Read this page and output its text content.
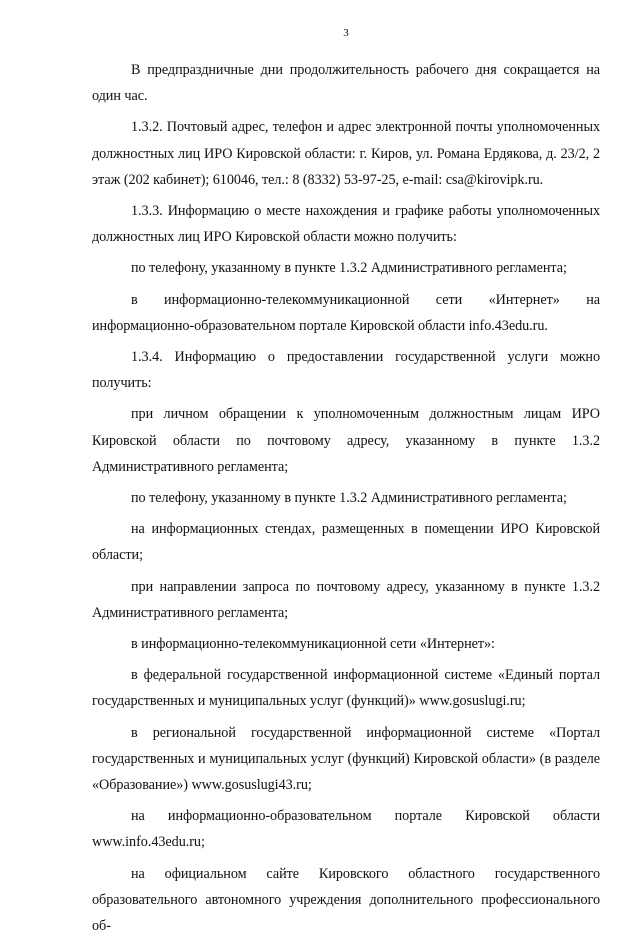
3

В предпраздничные дни продолжительность рабочего дня сокращается на один час.

1.3.2. Почтовый адрес, телефон и адрес электронной почты уполномоченных должностных лиц ИРО Кировской области: г. Киров, ул. Романа Ердякова, д. 23/2, 2 этаж (202 кабинет); 610046, тел.: 8 (8332) 53-97-25, e-mail: csa@kirovipk.ru.

1.3.3. Информацию о месте нахождения и графике работы уполномоченных должностных лиц ИРО Кировской области можно получить:

по телефону, указанному в пункте 1.3.2 Административного регламента;

в информационно-телекоммуникационной сети «Интернет» на информационно-образовательном портале Кировской области info.43edu.ru.

1.3.4. Информацию о предоставлении государственной услуги можно получить:

при личном обращении к уполномоченным должностным лицам ИРО Кировской области по почтовому адресу, указанному в пункте 1.3.2 Административного регламента;

по телефону, указанному в пункте 1.3.2 Административного регламента;

на информационных стендах, размещенных в помещении ИРО Кировской области;

при направлении запроса по почтовому адресу, указанному в пункте 1.3.2 Административного регламента;

в информационно-телекоммуникационной сети «Интернет»:

в федеральной государственной информационной системе «Единый портал государственных и муниципальных услуг (функций)» www.gosuslugi.ru;

в региональной государственной информационной системе «Портал государственных и муниципальных услуг (функций) Кировской области» (в разделе «Образование») www.gosuslugi43.ru;

на информационно-образовательном портале Кировской области www.info.43edu.ru;

на официальном сайте Кировского областного государственного образовательного автономного учреждения дополнительного профессионального об-
